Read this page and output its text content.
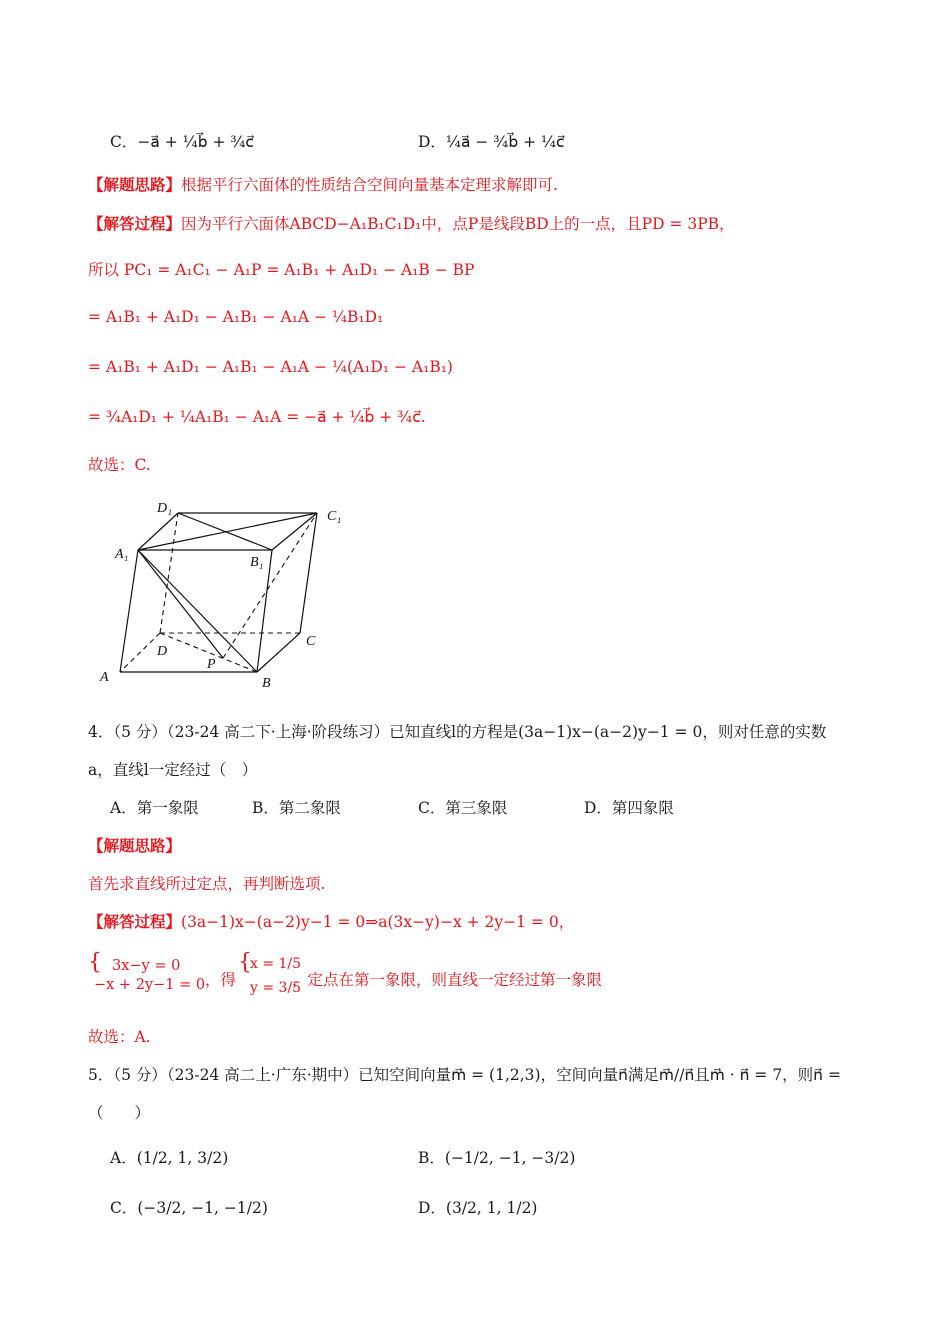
C．−a⃗ + ¼b⃗ + ¾c⃗	D．¼a⃗ − ¾b⃗ + ¼c⃗
【解题思路】根据平行六面体的性质结合空间向量基本定理求解即可.
【解答过程】因为平行六面体ABCD−A₁B₁C₁D₁中，点P是线段BD上的一点，且PD = 3PB，
所以 PC₁ = A₁C₁ − A₁P = A₁B₁ + A₁D₁ − A₁B − BP
= A₁B₁ + A₁D₁ − A₁B₁ − A₁A − ¼B₁D₁
= A₁B₁ + A₁D₁ − A₁B₁ − A₁A − ¼(A₁D₁ − A₁B₁)
= ¾A₁D₁ + ¼A₁B₁ − A₁A = −a⃗ + ¼b⃗ + ¾c⃗.
故选：C.
D₁
C₁
A₁
B₁
D
C
P
A	B
4．（5 分）（23-24 高二下·上海·阶段练习）已知直线l的方程是(3a−1)x−(a−2)y−1 = 0，则对任意的实数
a，直线l一定经过（　）
A．第一象限	B．第二象限	C．第三象限	D．第四象限
【解题思路】
首先求直线所过定点，再判断选项.
【解答过程】(3a−1)x−(a−2)y−1 = 0⇒a(3x−y)−x + 2y−1 = 0，
{ 3x−y = 0
−x + 2y−1 = 0 ，得
{
x = 1/5
y = 3/5
，定点在第一象限，则直线一定经过第一象限
故选：A.
5．（5 分）（23-24 高二上·广东·期中）已知空间向量m⃗ = (1,2,3)，空间向量n⃗满足m⃗//n⃗且m⃗ · n⃗ = 7，则n⃗ =
（　　）
A．(1/2, 1, 3/2)	B．(−1/2, −1, −3/2)
C．(−3/2, −1, −1/2)	D．(3/2, 1, 1/2)
